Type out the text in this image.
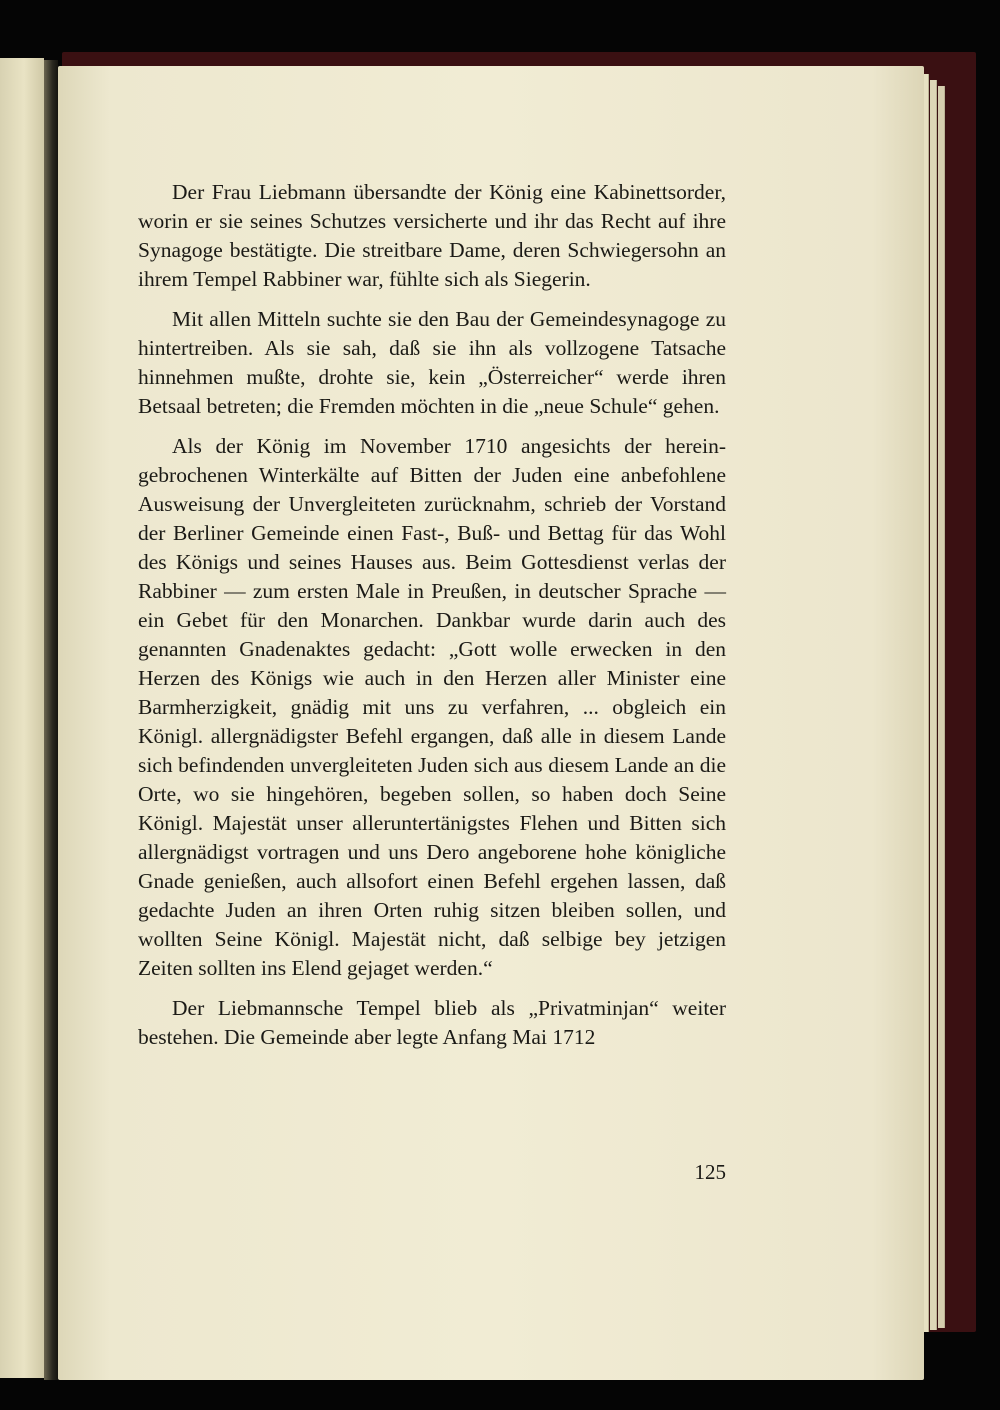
Der Frau Liebmann übersandte der König eine Kabinettsorder, worin er sie seines Schutzes versicherte und ihr das Recht auf ihre Synagoge bestätigte. Die streitbare Dame, deren Schwiegersohn an ihrem Tempel Rabbiner war, fühlte sich als Siegerin.

Mit allen Mitteln suchte sie den Bau der Gemeindesynagoge zu hintertreiben. Als sie sah, daß sie ihn als vollzogene Tatsache hinnehmen mußte, drohte sie, kein „Österreicher“ werde ihren Betsaal betreten; die Fremden möchten in die „neue Schule“ gehen.

Als der König im November 1710 angesichts der hereingebrochenen Winterkälte auf Bitten der Juden eine anbefohlene Ausweisung der Unvergleiteten zurücknahm, schrieb der Vorstand der Berliner Gemeinde einen Fast-, Buß- und Bettag für das Wohl des Königs und seines Hauses aus. Beim Gottesdienst verlas der Rabbiner — zum ersten Male in Preußen, in deutscher Sprache — ein Gebet für den Monarchen. Dankbar wurde darin auch des genannten Gnadenaktes gedacht: „Gott wolle erwecken in den Herzen des Königs wie auch in den Herzen aller Minister eine Barmherzigkeit, gnädig mit uns zu verfahren, ... obgleich ein Königl. allergnädigster Befehl ergangen, daß alle in diesem Lande sich befindenden unvergleiteten Juden sich aus diesem Lande an die Orte, wo sie hingehören, begeben sollen, so haben doch Seine Königl. Majestät unser alleruntertänigstes Flehen und Bitten sich allergnädigst vortragen und uns Dero angeborene hohe königliche Gnade genießen, auch allsofort einen Befehl ergehen lassen, daß gedachte Juden an ihren Orten ruhig sitzen bleiben sollen, und wollten Seine Königl. Majestät nicht, daß selbige bey jetzigen Zeiten sollten ins Elend gejaget werden.“

Der Liebmannsche Tempel blieb als „Privatminjan“ weiter bestehen. Die Gemeinde aber legte Anfang Mai 1712

125
